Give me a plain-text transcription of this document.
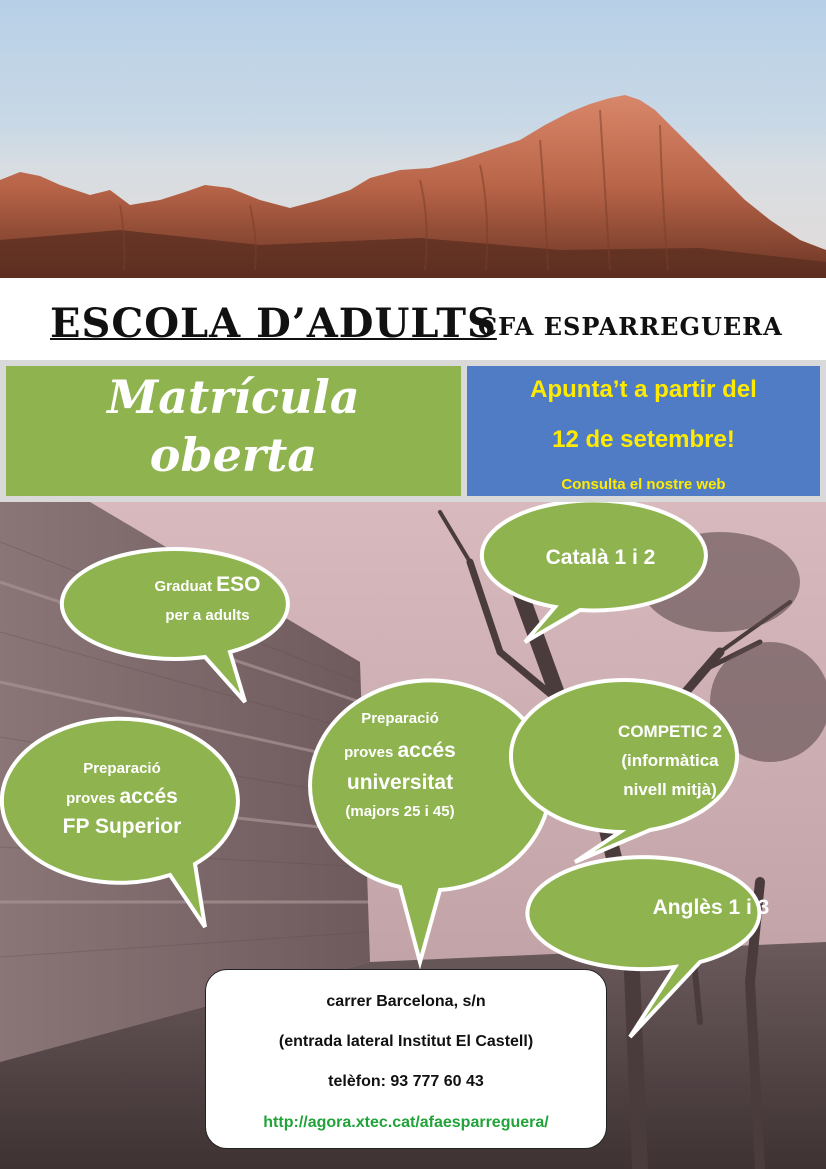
ESCOLA D’ADULTS
CFA ESPARREGUERA
Matrícula
oberta
Apunta’t a partir del
12 de setembre!
Consulta el nostre web
Graduat ESO
per a adults
Català 1 i 2
Preparació
proves accés
FP Superior
Preparació
proves accés
universitat
(majors 25 i 45)
COMPETIC 2
(informàtica
nivell mitjà)
Anglès 1 i 3
carrer Barcelona, s/n
(entrada lateral Institut El Castell)
telèfon: 93 777 60 43
http://agora.xtec.cat/afaesparreguera/
